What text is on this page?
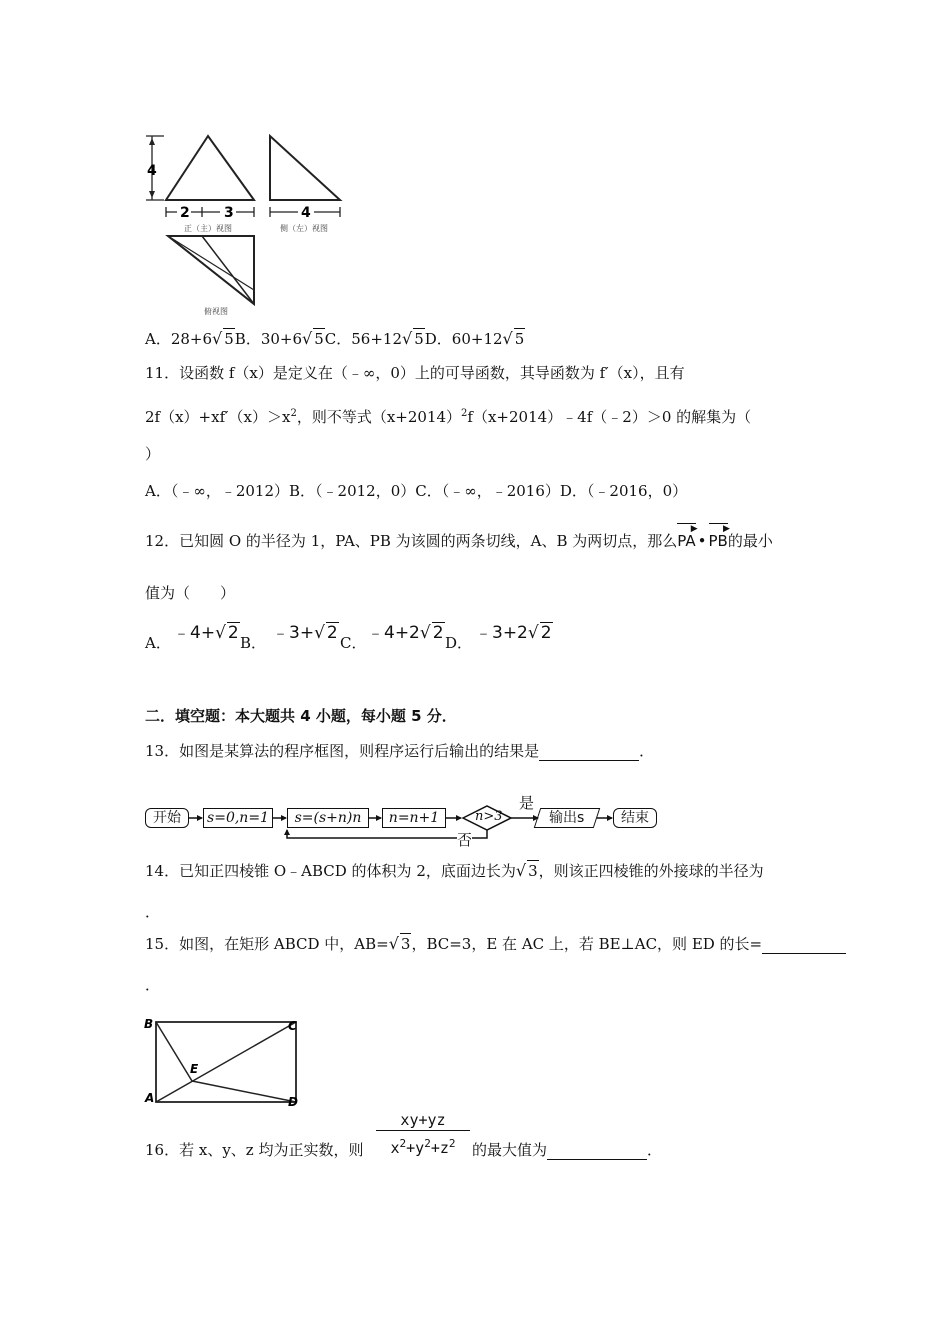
4
2 3
正（主）视图
4
侧（左）视图
俯视图
A．28+6√ 5B．30+6√ 5C．56+12√ 5D．60+12√ 5
11．设函数 f（x）是定义在（﹣∞，0）上的可导函数，其导函数为 f′（x），且有
$2f(x)+xf'(x)>x^2$，则不等式$(x+2014)^2f(x+2014)﹣4f(﹣2)>0$ 的解集为（
）
A．（﹣∞，﹣2012）B．（﹣2012，0）C．（﹣∞，﹣2016）D．（﹣2016，0）
12．已知圆 O 的半径为 1，PA、PB 为该圆的两条切线，A、B 为两切点，那么
▶
PA •
▶
PB的最小
值为（　　）
A． ﹣4+√ 2 B． ﹣3+√ 2 C． ﹣4+2√ 2 D． ﹣3+2√ 2
二．填空题：本大题共 4 小题，每小题 5 分．
13．如图是某算法的程序框图，则程序运行后输出的结果是	．
开始	s=0,n=1	s=(s+n)n	n=n+1	输出s	结束
n>3
是
否
14．已知正四棱锥 O﹣ABCD 的体积为 2，底面边长为√ 3，则该正四棱锥的外接球的半径为
．
15．如图，在矩形 ABCD 中，AB=√ 3，BC=3，E 在 AC 上，若 BE⊥AC，则 ED 的长=
．
B	C
A	D
E
16．若 x、y、z 均为正实数，则
xy+yz
$x^2+y^2+z^2$	的最大值为	．
